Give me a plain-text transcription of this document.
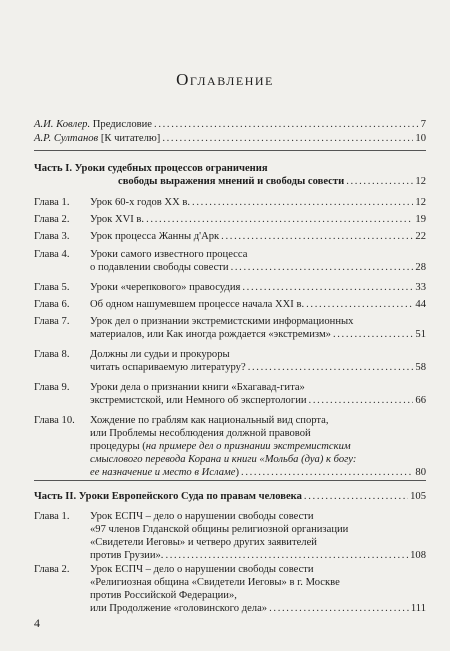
Оглавление
А.И. Ковлер. Предисловие . . .	7
А.Р. Султанов [К читателю] . . .	10
Часть I. Уроки судебных процессов ограничения
свободы выражения мнений и свободы совести . . .	12
Глава 1. Урок 60-х годов XX в. . . .	12
Глава 2. Урок XVI в. . . .	19
Глава 3. Урок процесса Жанны д'Арк . . .	22
Глава 4. Уроки самого известного процесса
о подавлении свободы совести . . .	28
Глава 5. Уроки «черепкового» правосудия . . .	33
Глава 6. Об одном нашумевшем процессе начала XXI в. . . .	44
Глава 7. Урок дел о признании экстремистскими информационных
материалов, или Как иногда рождается «экстремизм» . . .	51
Глава 8. Должны ли судьи и прокуроры
читать оспариваемую литературу? . . .	58
Глава 9. Уроки дела о признании книги «Бхагавад-гита»
экстремистской, или Немного об экспертологии . . .	66
Глава 10. Хождение по граблям как национальный вид спорта,
или Проблемы несоблюдения должной правовой
процедуры (на примере дел о признании экстремистским
смыслового перевода Корана и книги «Мольба (дуа) к богу:
ее назначение и место в Исламе) . . .	80
Часть II. Уроки Европейского Суда по правам человека . . .	105
Глава 1. Урок ЕСПЧ – дело о нарушении свободы совести
«97 членов Глданской общины религиозной организации
«Свидетели Иеговы» и четверо других заявителей
против Грузии». . . .	108
Глава 2. Урок ЕСПЧ – дело о нарушении свободы совести
«Религиозная община «Свидетели Иеговы» в г. Москве
против Российской Федерации»,
или Продолжение «головинского дела» . . .	111
4
